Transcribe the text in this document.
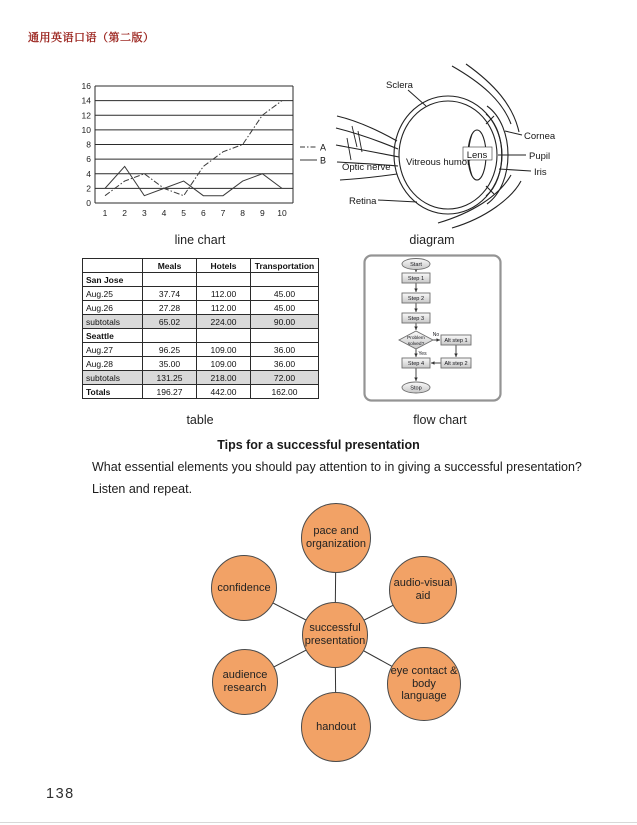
通用英语口语（第二版）
0
2
4
6
8
10
12
14
16
1 2 3 4 5 6 7 8 9 10
A
B
line chart
Sclera
Cornea
Pupil
Iris
Lens
Vitreous humor
Optic nerve
Retina
diagram
	Meals	Hotels	Transportation
San Jose			
Aug.25	37.74	112.00	45.00
Aug.26	27.28	112.00	45.00
subtotals	65.02	224.00	90.00
Seattle			
Aug.27	96.25	109.00	36.00
Aug.28	35.00	109.00	36.00
subtotals	131.25	218.00	72.00
Totals	196.27	442.00	162.00
table
Start
Step 1
Step 2
Step 3
Problem
solved?
Alt step 1
Step 4	Alt step 2
Stop
No
Yes
flow chart
Tips for a successful presentation
What essential elements you should pay attention to in giving a successful presentation?
Listen and repeat.
pace and organization
audio-visual aid
eye contact & body language
handout
audience research
confidence
successful presentation
138
